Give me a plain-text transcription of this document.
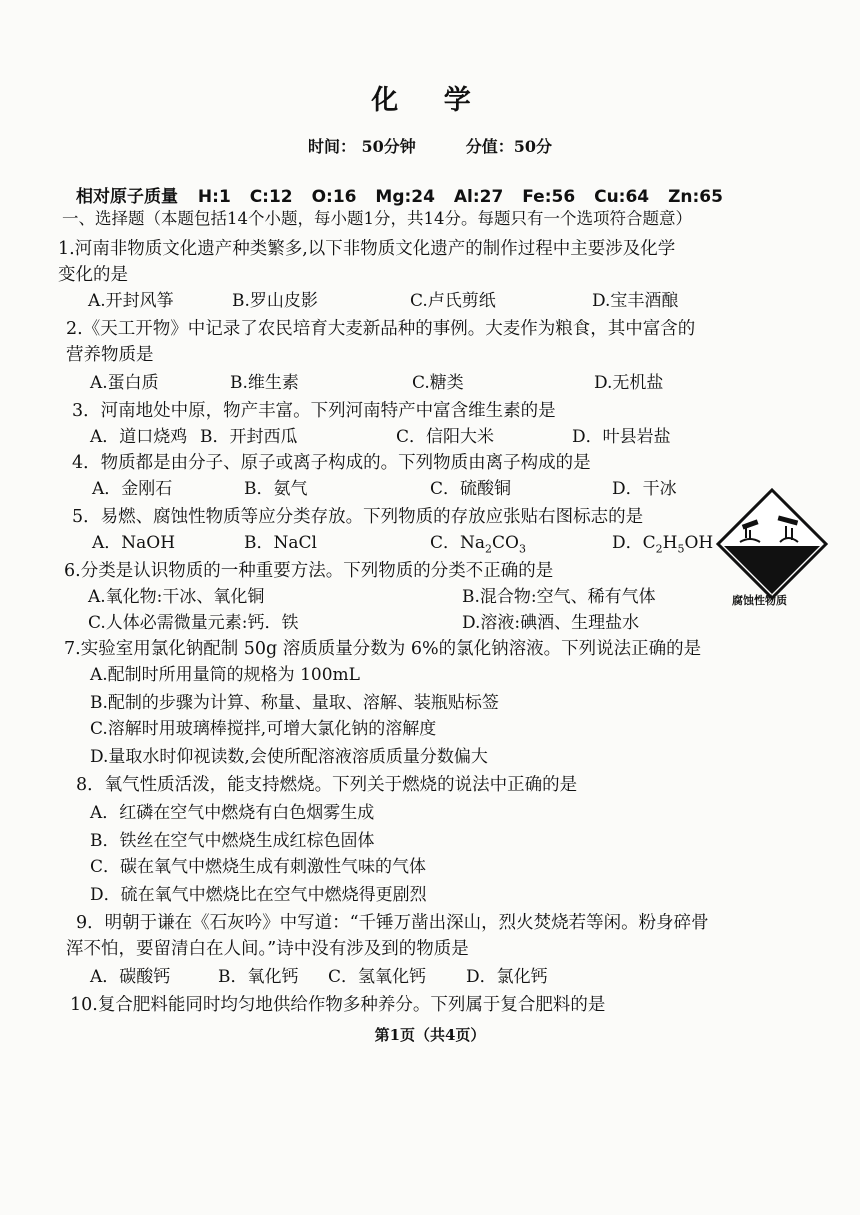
化 学
时间： 50分钟	分值：50分
相对原子质量 H:1 C:12 O:16 Mg:24 Al:27 Fe:56 Cu:64 Zn:65
一、选择题（本题包括14个小题，每小题1分，共14分。每题只有一个选项符合题意）
1.河南非物质文化遗产种类繁多,以下非物质文化遗产的制作过程中主要涉及化学
变化的是
A.开封风筝	B.罗山皮影	C.卢氏剪纸	D.宝丰酒酿
2.《天工开物》中记录了农民培育大麦新品种的事例。大麦作为粮食，其中富含的
营养物质是
A.蛋白质	B.维生素	C.糖类	D.无机盐
3．河南地处中原，物产丰富。下列河南特产中富含维生素的是
A．道口烧鸡 B．开封西瓜	C．信阳大米	D．叶县岩盐
4．物质都是由分子、原子或离子构成的。下列物质由离子构成的是
A．金刚石	B．氨气	C．硫酸铜	D．干冰
5．易燃、腐蚀性物质等应分类存放。下列物质的存放应张贴右图标志的是
A．NaOH	B．NaCl	C．$Na_2CO_3$	D．$C_2H_5OH$
腐蚀性物质
6.分类是认识物质的一种重要方法。下列物质的分类不正确的是
A.氧化物:干冰、氧化铜	B.混合物:空气、稀有气体
C.人体必需微量元素:钙．铁	D.溶液:碘酒、生理盐水
7.实验室用氯化钠配制 50g 溶质质量分数为 6%的氯化钠溶液。下列说法正确的是
A.配制时所用量筒的规格为 100mL
B.配制的步骤为计算、称量、量取、溶解、装瓶贴标签
C.溶解时用玻璃棒搅拌,可增大氯化钠的溶解度
D.量取水时仰视读数,会使所配溶液溶质质量分数偏大
8．氧气性质活泼，能支持燃烧。下列关于燃烧的说法中正确的是
A．红磷在空气中燃烧有白色烟雾生成
B．铁丝在空气中燃烧生成红棕色固体
C．碳在氧气中燃烧生成有刺激性气味的气体
D．硫在氧气中燃烧比在空气中燃烧得更剧烈
9．明朝于谦在《石灰吟》中写道：“千锤万凿出深山，烈火焚烧若等闲。粉身碎骨
浑不怕，要留清白在人间。”诗中没有涉及到的物质是
A．碳酸钙	B．氧化钙 C．氢氧化钙 D．氯化钙
10.复合肥料能同时均匀地供给作物多种养分。下列属于复合肥料的是
第1页（共4页）
